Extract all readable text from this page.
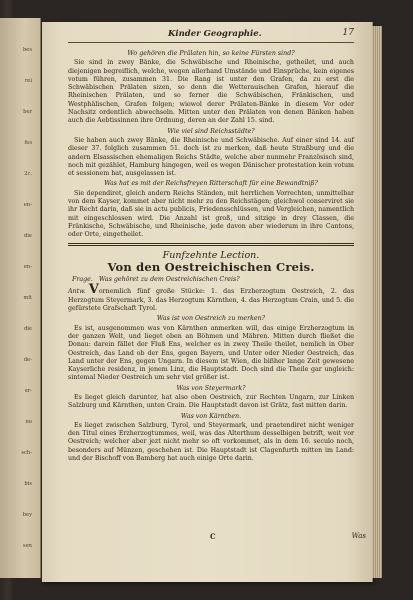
bes
rei
ber
fes
2c.
en-
die
en-
mit
die
de-
er-
no
sch-
bis
bey
sen
Kinder Geographie.	17
Wo gehören die Prälaten hin, so keine Fürsten sind?
Sie sind in zwey Bänke, die Schwäbische und Rheinische, getheilet, und auch diejenigen begreiflich, welche, wegen allerhand Umstände und Einsprüche, kein eigenes votum führen, zusammen 31. Die Rang ist unter den Grafen, da zu erst die Schwäbischen Prälaten sizen, so denn die Wetterauischen Grafen, hierauf die Rheinischen Prälaten, und so ferner die Schwäbischen, Fränkischen, und Westphälischen, Grafen folgen; wiewol derer Prälaten-Bänke in diesem Vor oder Nachsitz ordentlich abwechseln. Mitten unter den Prälaten von denen Bänken haben auch die Aebtissinnen ihre Ordnung, deren an der Zahl 15. sind.
Wie viel sind Reichsstädte?
Sie haben auch zwey Bänke, die Rheinische und Schwäbische. Auf einer sind 14. auf dieser 37. folglich zusammen 51. doch ist zu merken, daß heute Straßburg und die andern Elsassischen ehemaligen Reichs Städte, welche aber nunmehr Französisch sind, noch mit gezählet, Hamburg hingegen, weil es wegen Dänischer protestation kein votum et sessionem hat, ausgelassen ist.
Was hat es mit der Reichsfreyen Ritterschaft für eine Bewandtniß?
Sie dependiret, gleich andern Reichs Ständen, mit herrlichen Vorrechten, unmittelbar von dem Kayser, kommet aber nicht mehr zu den Reichstägen; gleichwol conserviret sie ihr Recht darin, daß sie in actu publicis, Friedensschlüssen, und Vergleichen, namentlich mit eingeschlossen wird. Die Anzahl ist groß, und sitzige in drey Classen, die Fränkische, Schwäbische, und Rheinische, jede davon aber wiederum in ihre Cantons, oder Orte, eingetheilet.
Funfzehnte Lection.
Von den Oestreichischen Creis.
Frage. Was gehöret zu dem Oestreichischen Creis?
Antw. Vornemlich fünf große Stücke: 1. das Erzherzogtum Oestreich, 2. das Herzogtum Steyermark, 3. das Herzogtum Kärnthen, 4. das Herzogtum Crain, und 5. die gefürstete Grafschaft Tyrol.
Was ist von Oestreich zu merken?
Es ist, ausgenommen was von Kärnthen anmerken will, das einige Erzherzogtum in der ganzen Welt, und lieget oben an Böhmen und Mähren. Mitten durch fließet die Donau: darein fället der Fluß Ens, welcher es in zwey Theile theilet, nemlich in Ober Oestreich, das Land ob der Ens, gegen Bayern, und Unter oder Nieder Oestreich, das Land unter der Ens, gegen Ungarn. In diesem ist Wien, die bißher lange Zeit gewesene Kayserliche residenz, in jenem Linz, die Hauptstadt. Doch sind die Theile gar ungleich: sintemal Nieder Oestreich um sehr viel größer ist.
Was von Steyermark?
Es lieget gleich darunter, hat also oben Oestreich, zur Rechten Ungarn, zur Linken Salzburg und Kärnthen, unten Crain. Die Hauptstadt davon ist Grätz, fast mitten darin.
Was von Kärnthen.
Es lieget zwischen Salzburg, Tyrol, und Steyermark, und praetendiret nicht weniger den Titul eines Erzherzogtummes, weil, was das Alterthum desselbigen betrift, weit vor Oestreich; welcher aber jezt nicht mehr so oft vorkommet, als in dem 16. seculo noch, besonders auf Münzen, geschehen ist. Die Hauptstadt ist Clagenfurth mitten im Land: und der Bischoff von Bamberg hat auch einige Orte darin.
C	Was
